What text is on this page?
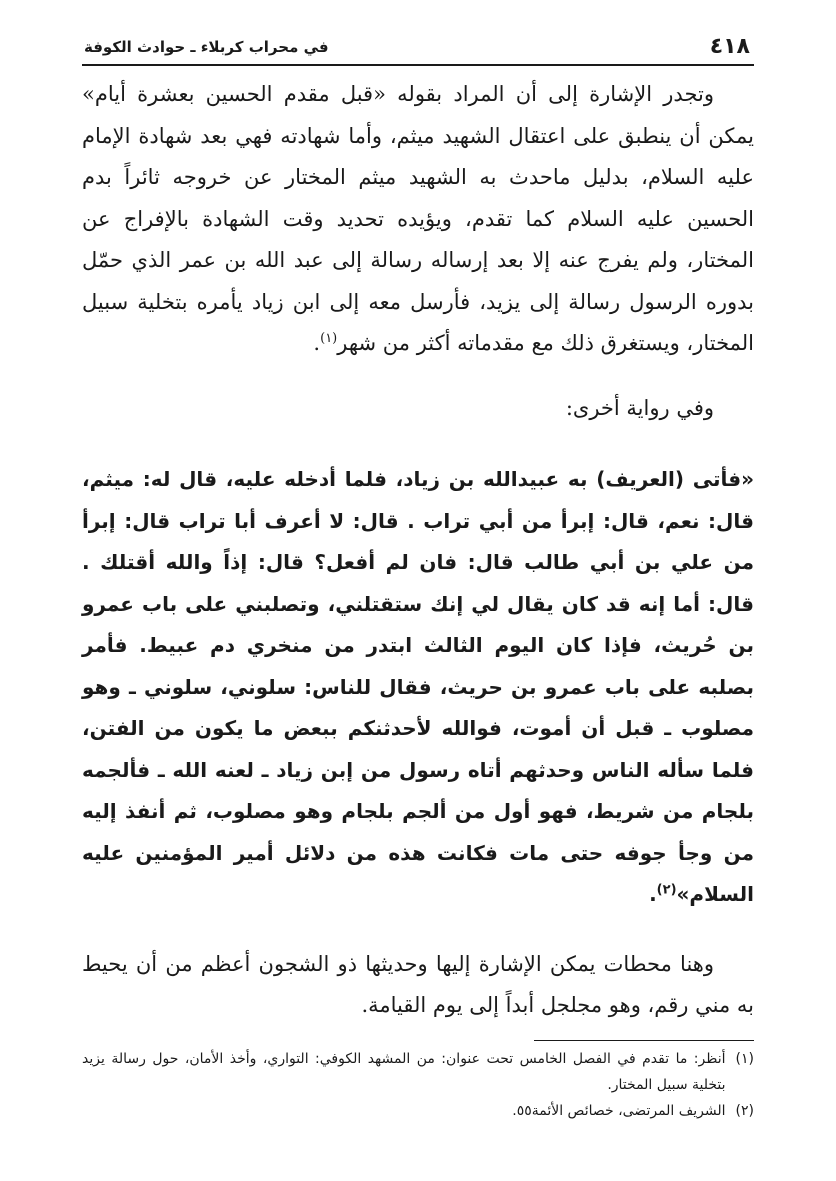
٤١٨
في محراب كربلاء ـ حوادث الكوفة

وتجدر الإشارة إلى أن المراد بقوله «قبل مقدم الحسين بعشرة أيام» يمكن أن ينطبق على اعتقال الشهيد ميثم، وأما شهادته فهي بعد شهادة الإمام عليه السلام، بدليل ماحدث به الشهيد ميثم المختار عن خروجه ثائراً بدم الحسين عليه السلام كما تقدم، ويؤيده تحديد وقت الشهادة بالإفراج عن المختار، ولم يفرج عنه إلا بعد إرساله رسالة إلى عبد الله بن عمر الذي حمّل بدوره الرسول رسالة إلى يزيد، فأرسل معه إلى ابن زياد يأمره بتخلية سبيل المختار، ويستغرق ذلك مع مقدماته أكثر من شهر$^{(١)}$.

وفي رواية أخرى:

«فأتى (العريف) به عبيدالله بن زياد، فلما أدخله عليه، قال له: ميثم، قال: نعم، قال: إبرأ من أبي تراب . قال: لا أعرف أبا تراب قال: إبرأ من علي بن أبي طالب قال: فان لم أفعل؟ قال: إذاً والله أقتلك . قال: أما إنه قد كان يقال لي إنك ستقتلني، وتصلبني على باب عمرو بن حُريث، فإذا كان اليوم الثالث ابتدر من منخري دم عبيط. فأمر بصلبه على باب عمرو بن حريث، فقال للناس: سلوني، سلوني ـ وهو مصلوب ـ قبل أن أموت، فوالله لأحدثنكم ببعض ما يكون من الفتن، فلما سأله الناس وحدثهم أتاه رسول من إبن زياد ـ لعنه الله ـ فألجمه بلجام من شريط، فهو أول من ألجم بلجام وهو مصلوب، ثم أنفذ إليه من وجأ جوفه حتى مات فكانت هذه من دلائل أمير المؤمنين عليه السلام»$^{(٢)}$.

وهنا محطات يمكن الإشارة إليها وحديثها ذو الشجون أعظم من أن يحيط به مني رقم، وهو مجلجل أبداً إلى يوم القيامة.

(١)
أنظر: ما تقدم في الفصل الخامس تحت عنوان: من المشهد الكوفي: التواري، وأخذ الأمان، حول رسالة يزيد بتخلية سبيل المختار.
(٢)
الشريف المرتضى، خصائص الأئمة٥٥.
